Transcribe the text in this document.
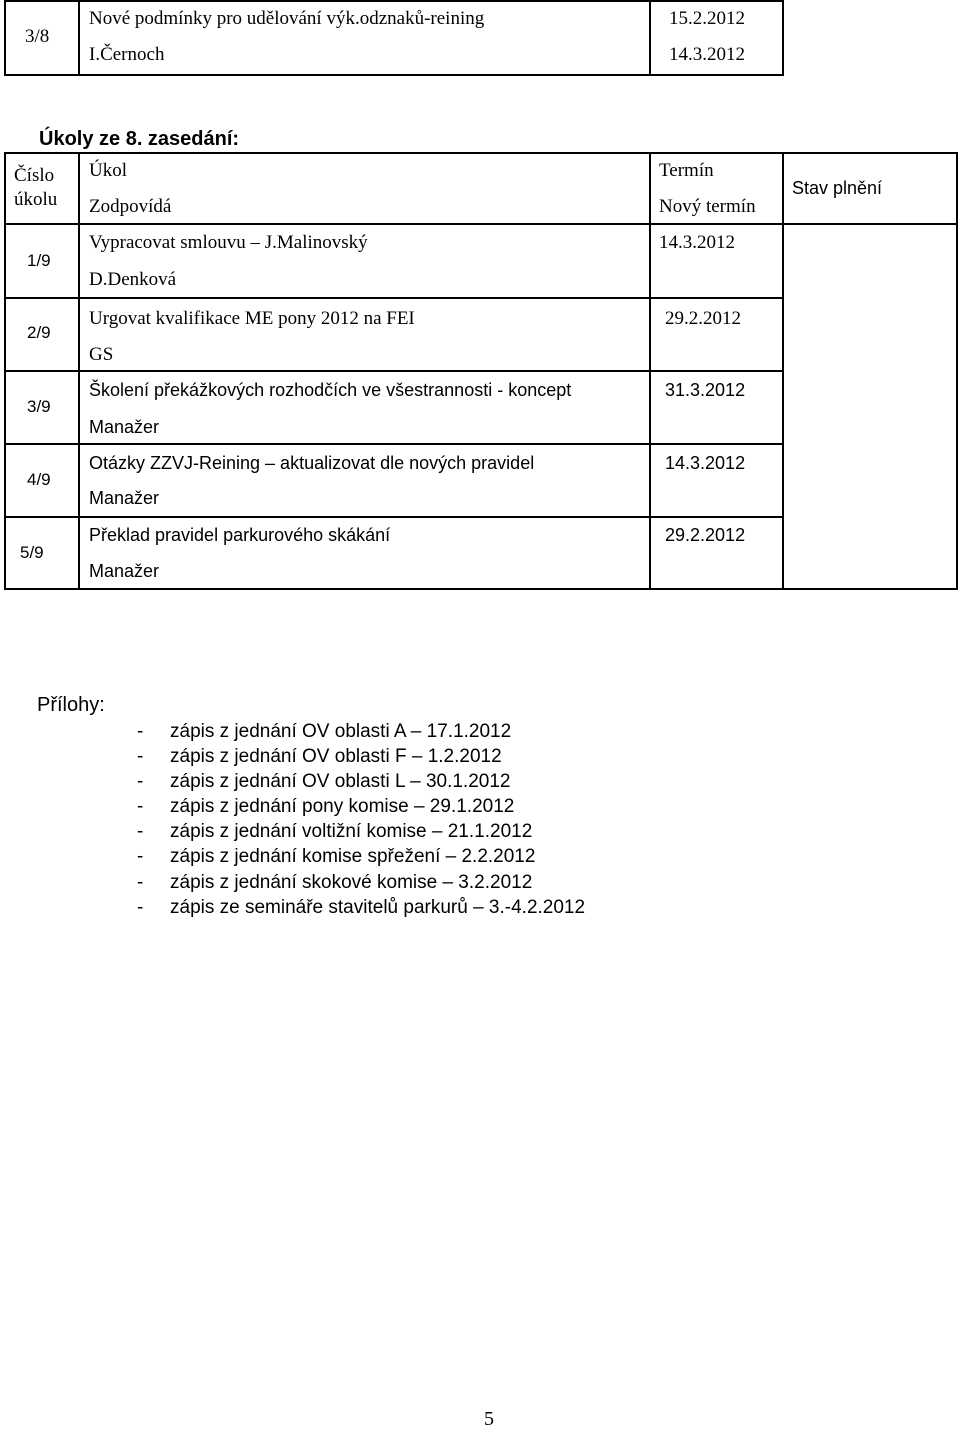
3/8
Nové podmínky pro udělování výk.odznaků-reining	15.2.2012
I.Černoch	14.3.2012
Úkoly ze 8. zasedání:
Číslo
úkolu
Úkol
Zodpovídá
Termín
Nový termín
Stav plnění
1/9
Vypracovat smlouvu – J.Malinovský
D.Denková
14.3.2012
2/9
Urgovat kvalifikace ME pony 2012 na FEI
GS
29.2.2012
3/9
Školení překážkových rozhodčích ve všestrannosti - koncept
Manažer
31.3.2012
4/9
Otázky ZZVJ-Reining – aktualizovat dle nových pravidel
Manažer
14.3.2012
5/9
Překlad pravidel parkurového skákání
Manažer
29.2.2012
Přílohy:
- zápis z jednání OV oblasti A – 17.1.2012
- zápis z jednání OV oblasti F – 1.2.2012
- zápis z jednání OV oblasti L – 30.1.2012
- zápis z jednání pony komise – 29.1.2012
- zápis z jednání voltižní komise – 21.1.2012
- zápis z jednání komise spřežení – 2.2.2012
- zápis z jednání skokové komise – 3.2.2012
- zápis ze semináře stavitelů parkurů – 3.-4.2.2012
5
